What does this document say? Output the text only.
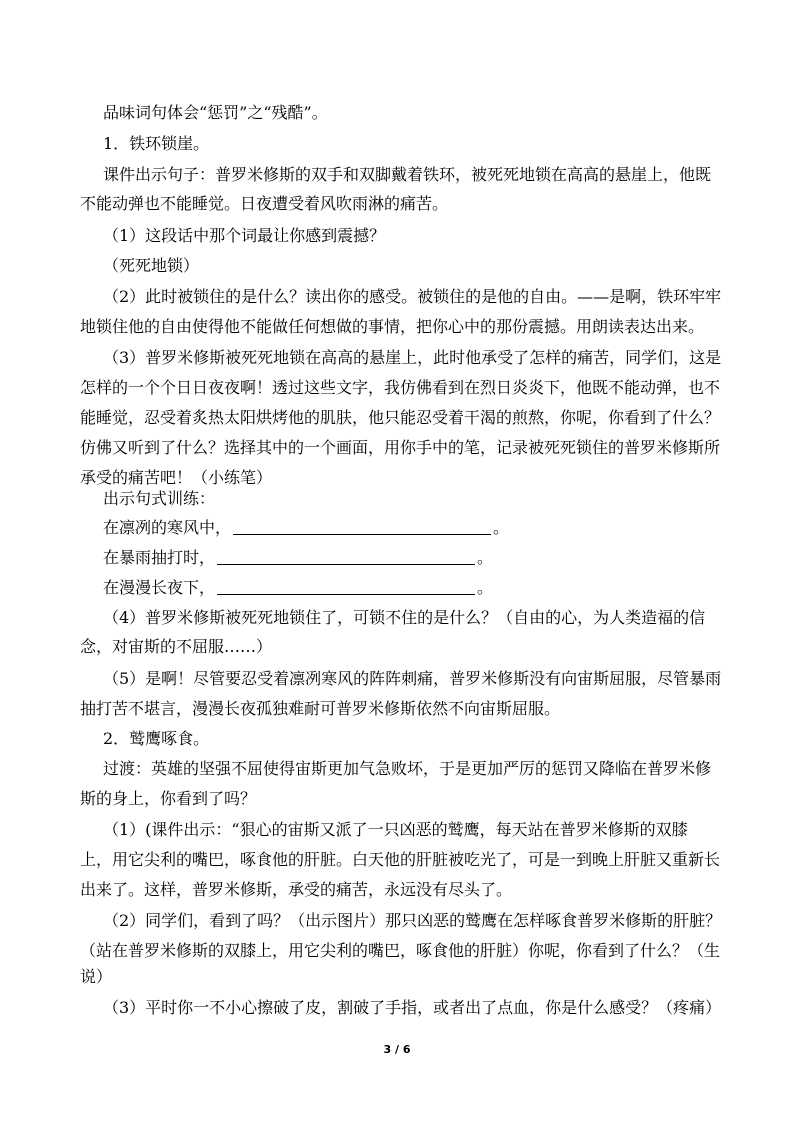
品味词句体会“惩罚”之“残酷”。
1．铁环锁崖。
课件出示句子：普罗米修斯的双手和双脚戴着铁环，被死死地锁在高高的悬崖上，他既
不能动弹也不能睡觉。日夜遭受着风吹雨淋的痛苦。
（1）这段话中那个词最让你感到震撼？
（死死地锁）
（2）此时被锁住的是什么？读出你的感受。被锁住的是他的自由。——是啊，铁环牢牢
地锁住他的自由使得他不能做任何想做的事情，把你心中的那份震撼。用朗读表达出来。
（3）普罗米修斯被死死地锁在高高的悬崖上，此时他承受了怎样的痛苦，同学们，这是
怎样的一个个日日夜夜啊！透过这些文字，我仿佛看到在烈日炎炎下，他既不能动弹，也不
能睡觉，忍受着炙热太阳烘烤他的肌肤，他只能忍受着干渴的煎熬，你呢，你看到了什么？
仿佛又听到了什么？选择其中的一个画面，用你手中的笔，记录被死死锁住的普罗米修斯所
承受的痛苦吧！（小练笔）
出示句式训练：
在凛冽的寒风中，	。
在暴雨抽打时，	。
在漫漫长夜下，	。
（4）普罗米修斯被死死地锁住了，可锁不住的是什么？（自由的心，为人类造福的信
念，对宙斯的不屈服……）
（5）是啊！尽管要忍受着凛冽寒风的阵阵刺痛，普罗米修斯没有向宙斯屈服，尽管暴雨
抽打苦不堪言，漫漫长夜孤独难耐可普罗米修斯依然不向宙斯屈服。
2．鹫鹰啄食。
过渡：英雄的坚强不屈使得宙斯更加气急败坏，于是更加严厉的惩罚又降临在普罗米修
斯的身上，你看到了吗？
（1）(课件出示：“狠心的宙斯又派了一只凶恶的鹫鹰，每天站在普罗米修斯的双膝
上，用它尖利的嘴巴，啄食他的肝脏。白天他的肝脏被吃光了，可是一到晚上肝脏又重新长
出来了。这样，普罗米修斯，承受的痛苦，永远没有尽头了。
（2）同学们，看到了吗？（出示图片）那只凶恶的鹫鹰在怎样啄食普罗米修斯的肝脏？
（站在普罗米修斯的双膝上，用它尖利的嘴巴，啄食他的肝脏）你呢，你看到了什么？（生
说）
（3）平时你一不小心擦破了皮，割破了手指，或者出了点血，你是什么感受？（疼痛）
3 / 6
